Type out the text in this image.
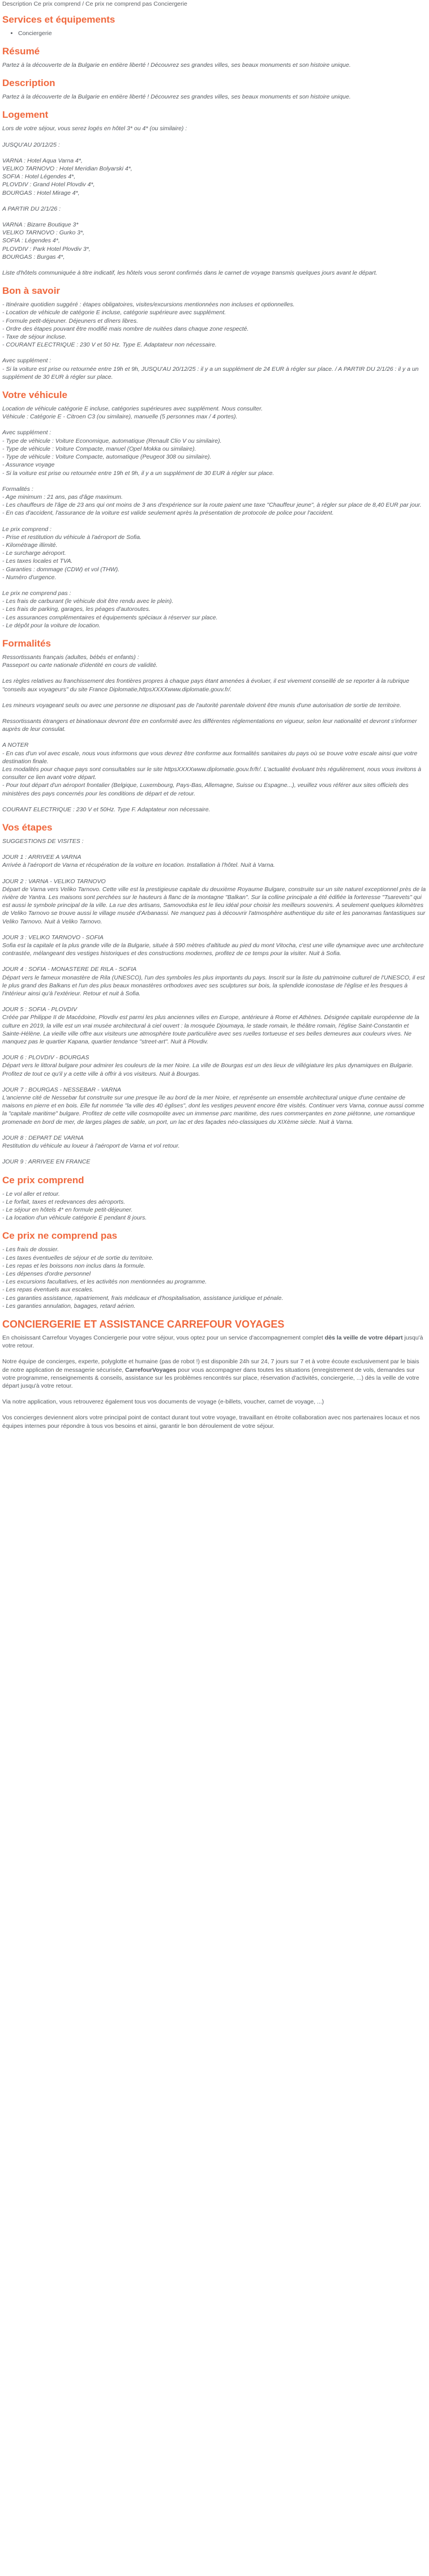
Description Ce prix comprend / Ce prix ne comprend pas Conciergerie

Services et équipements
• Conciergerie
Résumé

Partez à la découverte de la Bulgarie en entière liberté ! Découvrez ses grandes villes, ses beaux monuments et son histoire unique.

Description

Partez à la découverte de la Bulgarie en entière liberté ! Découvrez ses grandes villes, ses beaux monuments et son histoire unique.

Logement

Lors de votre séjour, vous serez logés en hôtel 3* ou 4* (ou similaire) :

JUSQU'AU 20/12/25 :

VARNA : Hotel Aqua Varna 4*,
VELIKO TARNOVO : Hotel Meridian Bolyarski 4*,
SOFIA : Hotel Légendes 4*,
PLOVDIV : Grand Hotel Plovdiv 4*,
BOURGAS : Hotel Mirage 4*,

A PARTIR DU 2/1/26 :

VARNA : Bizarre Boutique 3*
VELIKO TARNOVO : Gurko 3*,
SOFIA : Légendes 4*,
PLOVDIV : Park Hotel Plovdiv 3*,
BOURGAS : Burgas 4*,

Liste d'hôtels communiquée à titre indicatif, les hôtels vous seront confirmés dans le carnet de voyage transmis quelques jours avant le départ.

Bon à savoir

- Itinéraire quotidien suggéré : étapes obligatoires, visites/excursions mentionnées non incluses et optionnelles.
- Location de véhicule de catégorie E incluse, catégorie supérieure avec supplément.
- Formule petit-déjeuner. Déjeuners et dîners libres.
- Ordre des étapes pouvant être modifié mais nombre de nuitées dans chaque zone respecté.
- Taxe de séjour incluse.
- COURANT ELECTRIQUE : 230 V et 50 Hz. Type E. Adaptateur non nécessaire.

Avec supplément :
- Si la voiture est prise ou retournée entre 19h et 9h, JUSQU'AU 20/12/25 : il y a un supplément de 24 EUR à régler sur place. / A PARTIR DU 2/1/26 : il y a un supplément de 30 EUR à régler sur place.

Votre véhicule

Location de véhicule catégorie E incluse, catégories supérieures avec supplément. Nous consulter.
Véhicule : Catégorie E - Citroen C3 (ou similaire), manuelle (5 personnes max / 4 portes).

Avec supplément :
- Type de véhicule : Voiture Economique, automatique (Renault Clio V ou similaire).
- Type de véhicule : Voiture Compacte, manuel (Opel Mokka ou similaire).
- Type de véhicule : Voiture Compacte, automatique (Peugeot 308 ou similaire).
- Assurance voyage
- Si la voiture est prise ou retournée entre 19h et 9h, il y a un supplément de 30 EUR à régler sur place.

Formalités :
- Age minimum : 21 ans, pas d'âge maximum.
- Les chauffeurs de l'âge de 23 ans qui ont moins de 3 ans d'expérience sur la route paient une taxe "Chauffeur jeune", à régler sur place de 8,40 EUR par jour.
- En cas d'accident, l'assurance de la voiture est valide seulement après la présentation de protocole de police pour l'accident.

Le prix comprend :
- Prise et restitution du véhicule à l'aéroport de Sofia.
- Kilométrage illimité.
- Le surcharge aéroport.
- Les taxes locales et TVA.
- Garanties : dommage (CDW) et vol (THW).
- Numéro d'urgence.

Le prix ne comprend pas :
- Les frais de carburant (le véhicule doit être rendu avec le plein).
- Les frais de parking, garages, les péages d'autoroutes.
- Les assurances complémentaires et équipements spéciaux à réserver sur place.
- Le dépôt pour la voiture de location.

Formalités

Ressortissants français (adultes, bébés et enfants) :
Passeport ou carte nationale d'identité en cours de validité.

Les règles relatives au franchissement des frontières propres à chaque pays étant amenées à évoluer, il est vivement conseillé de se reporter à la rubrique "conseils aux voyageurs" du site France Diplomatie,httpsXXXXwww.diplomatie.gouv.fr/.

Les mineurs voyageant seuls ou avec une personne ne disposant pas de l'autorité parentale doivent être munis d'une autorisation de sortie de territoire.

Ressortissants étrangers et binationaux devront être en conformité avec les différentes réglementations en vigueur, selon leur nationalité et devront s'informer auprès de leur consulat.

A NOTER
- En cas d'un vol avec escale, nous vous informons que vous devrez être conforme aux formalités sanitaires du pays où se trouve votre escale ainsi que votre destination finale.
Les modalités pour chaque pays sont consultables sur le site httpsXXXXwww.diplomatie.gouv.fr/fr/. L'actualité évoluant très régulièrement, nous vous invitons à consulter ce lien avant votre départ.
- Pour tout départ d'un aéroport frontalier (Belgique, Luxembourg, Pays-Bas, Allemagne, Suisse ou Espagne...), veuillez vous référer aux sites officiels des ministères des pays concernés pour les conditions de départ et de retour.

COURANT ELECTRIQUE : 230 V et 50Hz. Type F. Adaptateur non nécessaire.

Vos étapes

SUGGESTIONS DE VISITES :

JOUR 1 : ARRIVEE A VARNA
Arrivée à l'aéroport de Varna et récupération de la voiture en location. Installation à l'hôtel. Nuit à Varna.

JOUR 2 : VARNA - VELIKO TARNOVO
Départ de Varna vers Veliko Tarnovo. Cette ville est la prestigieuse capitale du deuxième Royaume Bulgare, construite sur un site naturel exceptionnel près de la rivière de Yantra. Les maisons sont perchées sur le hauteurs à flanc de la montagne "Balkan". Sur la colline principale a été édifiée la forteresse "Tsarevets" qui est aussi le symbole principal de la ville. La rue des artisans, Samovodska est le lieu idéal pour choisir les meilleurs souvenirs. À seulement quelques kilomètres de Veliko Tarnovo se trouve aussi le village musée d'Arbanassi. Ne manquez pas à découvrir l'atmosphère authentique du site et les panoramas fantastiques sur Veliko Tarnovo. Nuit à Veliko Tarnovo.

JOUR 3 : VELIKO TARNOVO - SOFIA
Sofia est la capitale et la plus grande ville de la Bulgarie, située à 590 mètres d'altitude au pied du mont Vitocha, c'est une ville dynamique avec une architecture contrastée, mélangeant des vestiges historiques et des constructions modernes, profitez de ce temps pour la visiter. Nuit à Sofia.

JOUR 4 : SOFIA - MONASTERE DE RILA - SOFIA
Départ vers le fameux monastère de Rila (UNESCO), l'un des symboles les plus importants du pays. Inscrit sur la liste du patrimoine culturel de l'UNESCO, il est le plus grand des Balkans et l'un des plus beaux monastères orthodoxes avec ses sculptures sur bois, la splendide iconostase de l'église et les fresques à l'intérieur ainsi qu'à l'extérieur. Retour et nuit à Sofia.

JOUR 5 : SOFIA - PLOVDIV
Créée par Philippe II de Macédoine, Plovdiv est parmi les plus anciennes villes en Europe, antérieure à Rome et Athènes. Désignée capitale européenne de la culture en 2019, la ville est un vrai musée architectural à ciel ouvert : la mosquée Djoumaya, le stade romain, le théâtre romain, l'église Saint-Constantin et Sainte-Hélène. La vieille ville offre aux visiteurs une atmosphère toute particulière avec ses ruelles tortueuse et ses belles demeures aux couleurs vives. Ne manquez pas le quartier Kapana, quartier tendance "street-art". Nuit à Plovdiv.

JOUR 6 : PLOVDIV - BOURGAS
Départ vers le littoral bulgare pour admirer les couleurs de la mer Noire. La ville de Bourgas est un des lieux de villégiature les plus dynamiques en Bulgarie. Profitez de tout ce qu'il y a cette ville à offrir à vos visiteurs. Nuit à Bourgas.

JOUR 7 : BOURGAS - NESSEBAR - VARNA
L'ancienne cité de Nessebar fut construite sur une presque île au bord de la mer Noire, et représente un ensemble architectural unique d'une centaine de maisons en pierre et en bois. Elle fut nommée "la ville des 40 églises", dont les vestiges peuvent encore être visités. Continuer vers Varna, connue aussi comme la "capitale maritime" bulgare. Profitez de cette ville cosmopolite avec un immense parc maritime, des rues commerçantes en zone piétonne, une romantique promenade en bord de mer, de larges plages de sable, un port, un lac et des façades néo-classiques du XIXème siècle. Nuit à Varna.

JOUR 8 : DEPART DE VARNA
Restitution du véhicule au loueur à l'aéroport de Varna et vol retour.

JOUR 9 : ARRIVEE EN FRANCE

Ce prix comprend

- Le vol aller et retour.
- Le forfait, taxes et redevances des aéroports.
- Le séjour en hôtels 4* en formule petit-déjeuner.
- La location d'un véhicule catégorie E pendant 8 jours.

Ce prix ne comprend pas

- Les frais de dossier.
- Les taxes éventuelles de séjour et de sortie du territoire.
- Les repas et les boissons non inclus dans la formule.
- Les dépenses d'ordre personnel
- Les excursions facultatives, et les activités non mentionnées au programme.
- Les repas éventuels aux escales.
- Les garanties assistance, rapatriement, frais médicaux et d'hospitalisation, assistance juridique et pénale.
- Les garanties annulation, bagages, retard aérien.

CONCIERGERIE ET ASSISTANCE CARREFOUR VOYAGES

En choisissant Carrefour Voyages Conciergerie pour votre séjour, vous optez pour un service d'accompagnement complet dès la veille de votre départ jusqu'à votre retour.

Notre équipe de concierges, experte, polyglotte et humaine (pas de robot !) est disponible 24h sur 24, 7 jours sur 7 et à votre écoute exclusivement par le biais de notre application de messagerie sécurisée, CarrefourVoyages pour vous accompagner dans toutes les situations (enregistrement de vols, demandes sur votre programme, renseignements & conseils, assistance sur les problèmes rencontrés sur place, réservation d'activités, conciergerie, ...) dès la veille de votre départ jusqu'à votre retour.

Via notre application, vous retrouverez également tous vos documents de voyage (e-billets, voucher, carnet de voyage, ...)

Vos concierges deviennent alors votre principal point de contact durant tout votre voyage, travaillant en étroite collaboration avec nos partenaires locaux et nos équipes internes pour répondre à tous vos besoins et ainsi, garantir le bon déroulement de votre séjour.
